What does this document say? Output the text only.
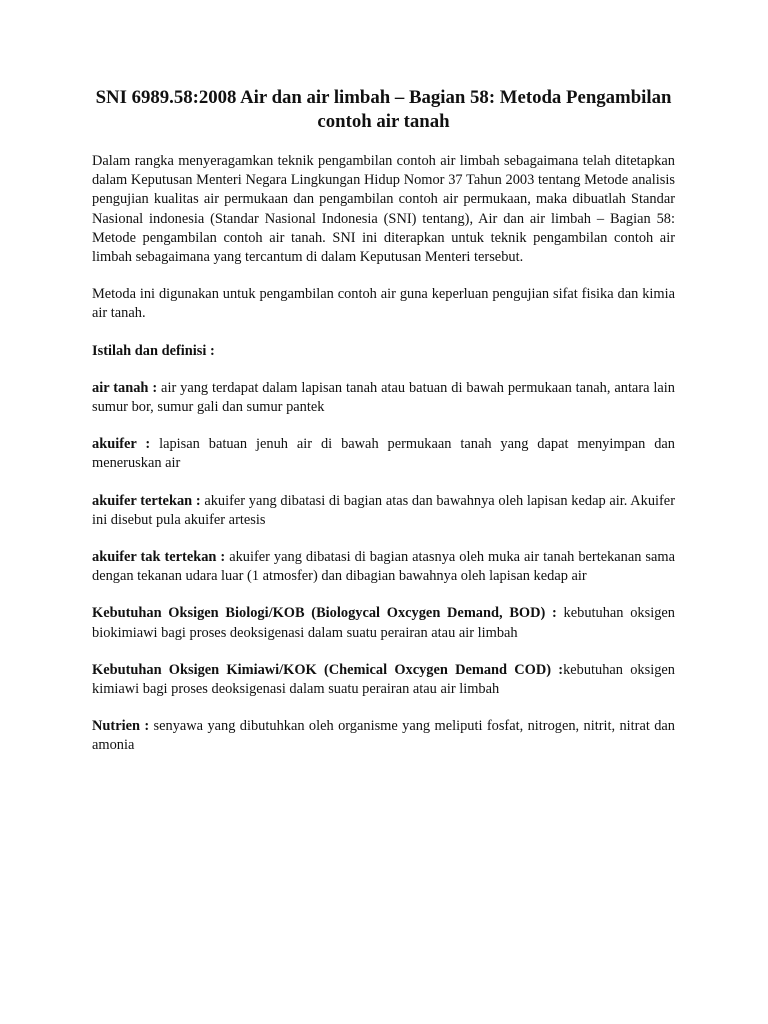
SNI 6989.58:2008 Air dan air limbah – Bagian 58: Metoda Pengambilan contoh air tanah

Dalam rangka menyeragamkan teknik pengambilan contoh air limbah sebagaimana telah ditetapkan dalam Keputusan Menteri Negara Lingkungan Hidup Nomor 37 Tahun 2003 tentang Metode analisis pengujian kualitas air permukaan dan pengambilan contoh air permukaan, maka dibuatlah Standar Nasional indonesia (Standar Nasional Indonesia (SNI) tentang), Air dan air limbah – Bagian 58: Metode pengambilan contoh air tanah. SNI ini diterapkan untuk teknik pengambilan contoh air limbah sebagaimana yang tercantum di dalam Keputusan Menteri tersebut.

Metoda ini digunakan untuk pengambilan contoh air guna keperluan pengujian sifat fisika dan kimia air tanah.

Istilah dan definisi :

air tanah : air yang terdapat dalam lapisan tanah atau batuan di bawah permukaan tanah, antara lain sumur bor, sumur gali dan sumur pantek

akuifer : lapisan batuan jenuh air di bawah permukaan tanah yang dapat menyimpan dan meneruskan air

akuifer tertekan : akuifer yang dibatasi di bagian atas dan bawahnya oleh lapisan kedap air. Akuifer ini disebut pula akuifer artesis

akuifer tak tertekan : akuifer yang dibatasi di bagian atasnya oleh muka air tanah bertekanan sama dengan tekanan udara luar (1 atmosfer) dan dibagian bawahnya oleh lapisan kedap air

Kebutuhan Oksigen Biologi/KOB (Biologycal Oxcygen Demand, BOD) : kebutuhan oksigen biokimiawi bagi proses deoksigenasi dalam suatu perairan atau air limbah

Kebutuhan Oksigen Kimiawi/KOK (Chemical Oxcygen Demand COD) :kebutuhan oksigen kimiawi bagi proses deoksigenasi dalam suatu perairan atau air limbah

Nutrien : senyawa yang dibutuhkan oleh organisme yang meliputi fosfat, nitrogen, nitrit, nitrat dan amonia
